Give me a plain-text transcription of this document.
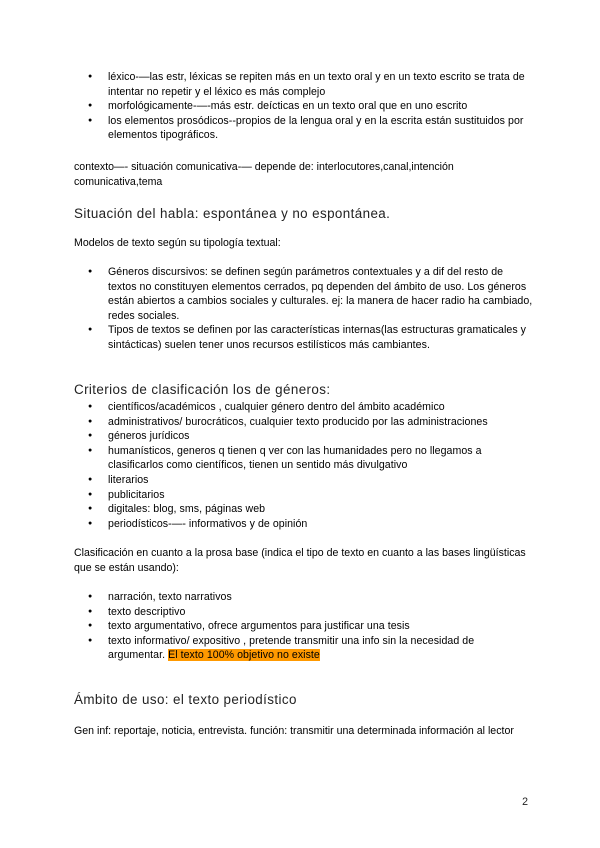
● léxico-—las estr, léxicas se repiten más en un texto oral y en un texto escrito se trata de intentar no repetir y el léxico es más complejo
● morfológicamente-—-más estr. deícticas en un texto oral que en uno escrito
● los elementos prosódicos--propios de la lengua oral y en la escrita están sustituidos por elementos tipográficos.

contexto—- situación comunicativa-— depende de: interlocutores,canal,intención comunicativa,tema

Situación del habla: espontánea y no espontánea.

Modelos de texto según su tipología textual:

● Géneros discursivos: se definen según parámetros contextuales y a dif del resto de textos no constituyen elementos cerrados, pq dependen del ámbito de uso. Los géneros están abiertos a cambios sociales y culturales. ej: la manera de hacer radio ha cambiado, redes sociales.
● Tipos de textos se definen por las características internas(las estructuras gramaticales y sintácticas) suelen tener unos recursos estilísticos más cambiantes.
Criterios de clasificación los de géneros:
● científicos/académicos , cualquier género dentro del ámbito académico
● administrativos/ burocráticos, cualquier texto producido por las administraciones
● géneros jurídicos
● humanísticos, generos q tienen q ver con las humanidades pero no llegamos a clasificarlos como científicos, tienen un sentido más divulgativo
● literarios
● publicitarios
● digitales: blog, sms, páginas web
● periodísticos-—- informativos y de opinión

Clasificación en cuanto a la prosa base (indica el tipo de texto en cuanto a las bases lingüísticas que se están usando):

● narración, texto narrativos
● texto descriptivo
● texto argumentativo, ofrece argumentos para justificar una tesis
● texto informativo/ expositivo , pretende transmitir una info sin la necesidad de argumentar. El texto 100% objetivo no existe
Ámbito de uso: el texto periodístico

Gen inf: reportaje, noticia, entrevista. función: transmitir una determinada información al lector

2
